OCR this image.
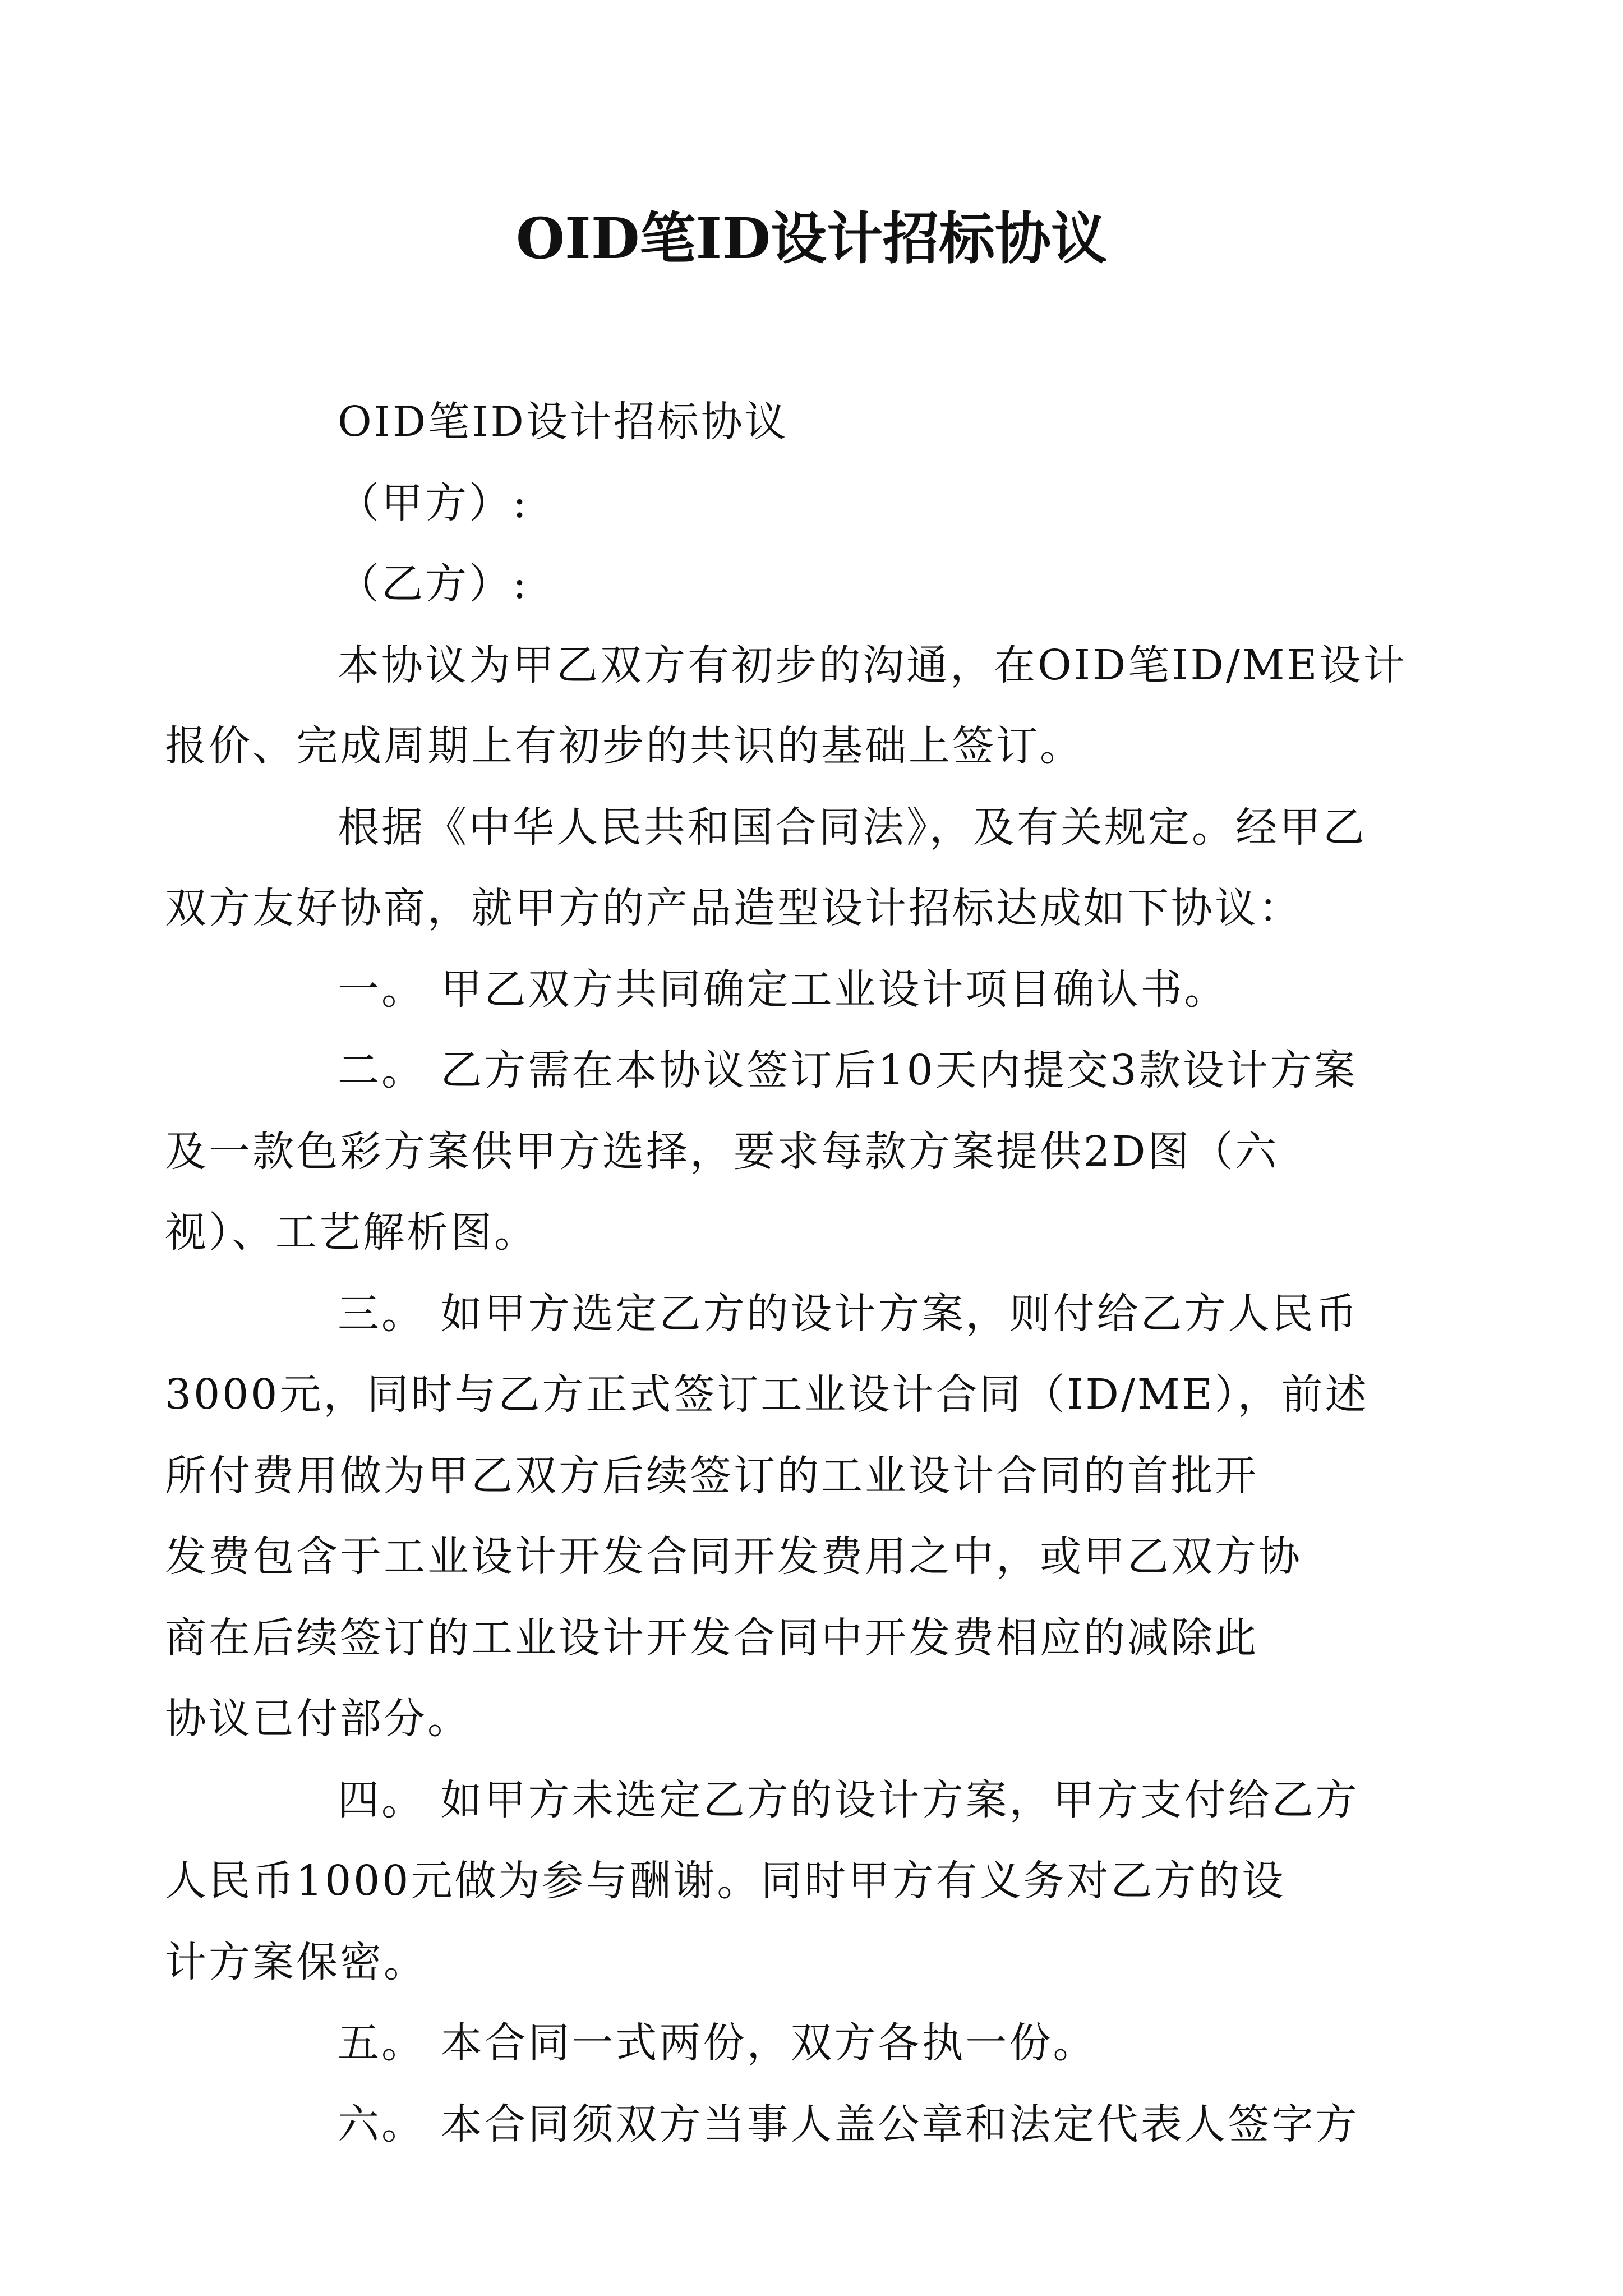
OID笔ID设计招标协议

OID笔ID设计招标协议

（甲方）:

（乙方）:

本协议为甲乙双方有初步的沟通，在OID笔ID/ME设计
报价、完成周期上有初步的共识的基础上签订。

根据《中华人民共和国合同法》，及有关规定。经甲乙
双方友好协商，就甲方的产品造型设计招标达成如下协议：

一。 甲乙双方共同确定工业设计项目确认书。

二。 乙方需在本协议签订后10天内提交3款设计方案
及一款色彩方案供甲方选择，要求每款方案提供2D图（六
视）、工艺解析图。

三。 如甲方选定乙方的设计方案，则付给乙方人民币
3000元，同时与乙方正式签订工业设计合同（ID/ME），前述
所付费用做为甲乙双方后续签订的工业设计合同的首批开
发费包含于工业设计开发合同开发费用之中，或甲乙双方协
商在后续签订的工业设计开发合同中开发费相应的减除此
协议已付部分。

四。 如甲方未选定乙方的设计方案，甲方支付给乙方
人民币1000元做为参与酬谢。同时甲方有义务对乙方的设
计方案保密。

五。 本合同一式两份，双方各执一份。

六。 本合同须双方当事人盖公章和法定代表人签字方
